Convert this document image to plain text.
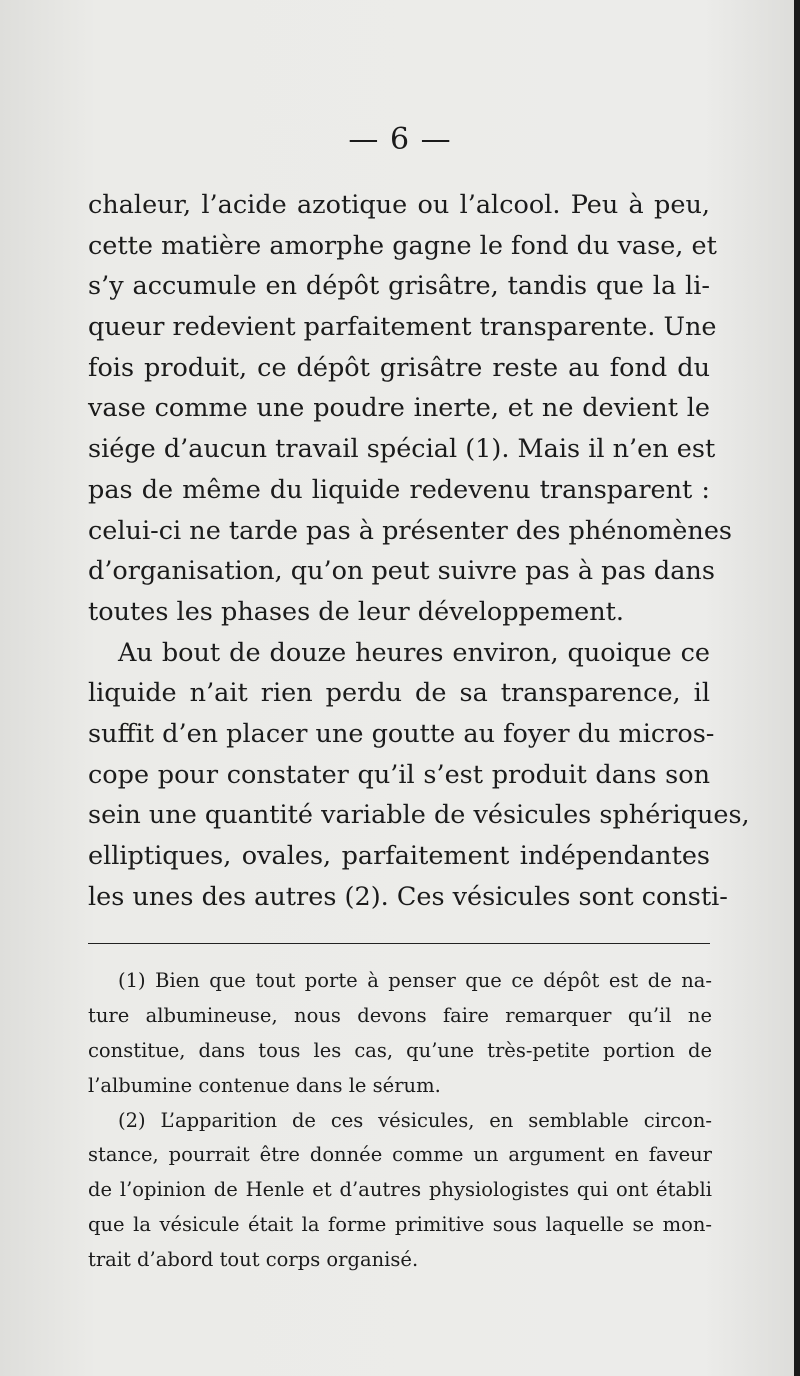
— 6 —
chaleur, l’acide azotique ou l’alcool. Peu à peu,
cette matière amorphe gagne le fond du vase, et
s’y accumule en dépôt grisâtre, tandis que la li-
queur redevient parfaitement transparente. Une
fois produit, ce dépôt grisâtre reste au fond du
vase comme une poudre inerte, et ne devient le
siége d’aucun travail spécial (1). Mais il n’en est
pas de même du liquide redevenu transparent :
celui-ci ne tarde pas à présenter des phénomènes
d’organisation, qu’on peut suivre pas à pas dans
toutes les phases de leur développement.
Au bout de douze heures environ, quoique ce
liquide n’ait rien perdu de sa transparence, il
suffit d’en placer une goutte au foyer du micros-
cope pour constater qu’il s’est produit dans son
sein une quantité variable de vésicules sphériques,
elliptiques, ovales, parfaitement indépendantes
les unes des autres (2). Ces vésicules sont consti-
(1) Bien que tout porte à penser que ce dépôt est de na-
ture albumineuse, nous devons faire remarquer qu’il ne
constitue, dans tous les cas, qu’une très-petite portion de
l’albumine contenue dans le sérum.
(2) L’apparition de ces vésicules, en semblable circon-
stance, pourrait être donnée comme un argument en faveur
de l’opinion de Henle et d’autres physiologistes qui ont établi
que la vésicule était la forme primitive sous laquelle se mon-
trait d’abord tout corps organisé.
